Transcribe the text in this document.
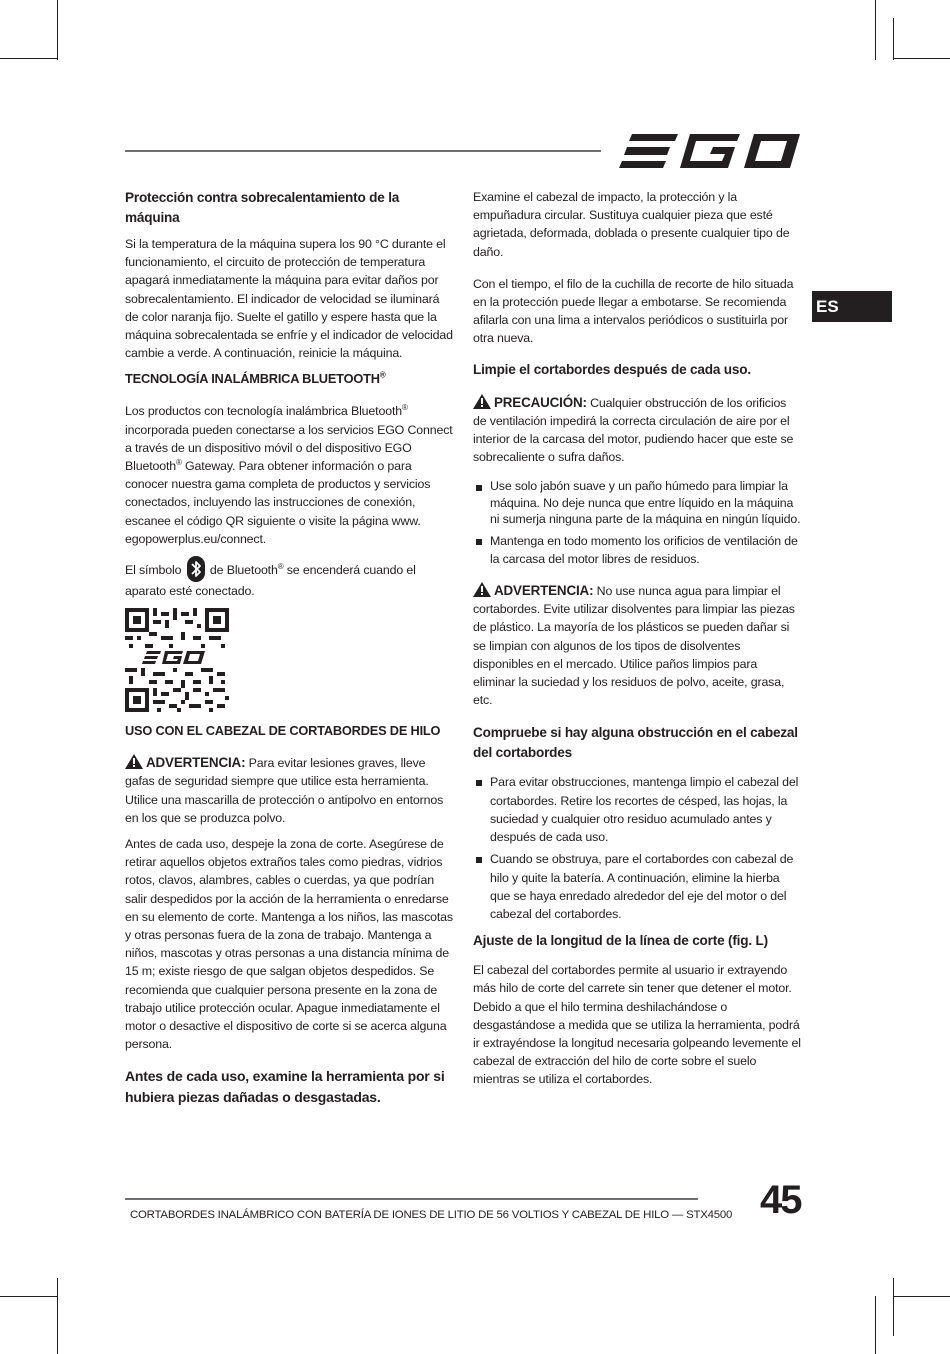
ES
Protección contra sobrecalentamiento de la máquina

Si la temperatura de la máquina supera los 90 °C durante el funcionamiento, el circuito de protección de temperatura apagará inmediatamente la máquina para evitar daños por sobrecalentamiento. El indicador de velocidad se iluminará de color naranja fijo. Suelte el gatillo y espere hasta que la máquina sobrecalentada se enfríe y el indicador de velocidad cambie a verde. A continuación, reinicie la máquina.

TECNOLOGÍA INALÁMBRICA BLUETOOTH®

Los productos con tecnología inalámbrica Bluetooth® incorporada pueden conectarse a los servicios EGO Connect a través de un dispositivo móvil o del dispositivo EGO Bluetooth® Gateway. Para obtener información o para conocer nuestra gama completa de productos y servicios conectados, incluyendo las instrucciones de conexión, escanee el código QR siguiente o visite la página www. egopowerplus.eu/connect.

El símbolo  de Bluetooth® se encenderá cuando el aparato esté conectado.

EGO
USO CON EL CABEZAL DE CORTABORDES DE HILO

ADVERTENCIA: Para evitar lesiones graves, lleve gafas de seguridad siempre que utilice esta herramienta. Utilice una mascarilla de protección o antipolvo en entornos en los que se produzca polvo.

Antes de cada uso, despeje la zona de corte. Asegúrese de retirar aquellos objetos extraños tales como piedras, vidrios rotos, clavos, alambres, cables o cuerdas, ya que podrían salir despedidos por la acción de la herramienta o enredarse en su elemento de corte. Mantenga a los niños, las mascotas y otras personas fuera de la zona de trabajo. Mantenga a niños, mascotas y otras personas a una distancia mínima de 15 m; existe riesgo de que salgan objetos despedidos. Se recomienda que cualquier persona presente en la zona de trabajo utilice protección ocular. Apague inmediatamente el motor o desactive el dispositivo de corte si se acerca alguna persona.

Antes de cada uso, examine la herramienta por si hubiera piezas dañadas o desgastadas.

Examine el cabezal de impacto, la protección y la empuñadura circular. Sustituya cualquier pieza que esté agrietada, deformada, doblada o presente cualquier tipo de daño.

Con el tiempo, el filo de la cuchilla de recorte de hilo situada en la protección puede llegar a embotarse. Se recomienda afilarla con una lima a intervalos periódicos o sustituirla por otra nueva.

Limpie el cortabordes después de cada uso.

PRECAUCIÓN: Cualquier obstrucción de los orificios de ventilación impedirá la correcta circulación de aire por el interior de la carcasa del motor, pudiendo hacer que este se sobrecaliente o sufra daños.

Use solo jabón suave y un paño húmedo para limpiar la máquina. No deje nunca que entre líquido en la máquina ni sumerja ninguna parte de la máquina en ningún líquido.
Mantenga en todo momento los orificios de ventilación de la carcasa del motor libres de residuos.

ADVERTENCIA: No use nunca agua para limpiar el cortabordes. Evite utilizar disolventes para limpiar las piezas de plástico. La mayoría de los plásticos se pueden dañar si se limpian con algunos de los tipos de disolventes disponibles en el mercado. Utilice paños limpios para eliminar la suciedad y los residuos de polvo, aceite, grasa, etc.

Compruebe si hay alguna obstrucción en el cabezal del cortabordes
Para evitar obstrucciones, mantenga limpio el cabezal del cortabordes. Retire los recortes de césped, las hojas, la suciedad y cualquier otro residuo acumulado antes y después de cada uso.
Cuando se obstruya, pare el cortabordes con cabezal de hilo y quite la batería. A continuación, elimine la hierba que se haya enredado alrededor del eje del motor o del cabezal del cortabordes.
Ajuste de la longitud de la línea de corte (fig. L)

El cabezal del cortabordes permite al usuario ir extrayendo más hilo de corte del carrete sin tener que detener el motor. Debido a que el hilo termina deshilachándose o desgastándose a medida que se utiliza la herramienta, podrá ir extrayéndose la longitud necesaria golpeando levemente el cabezal de extracción del hilo de corte sobre el suelo mientras se utiliza el cortabordes.

CORTABORDES INALÁMBRICO CON BATERÍA DE IONES DE LITIO DE 56 VOLTIOS Y CABEZAL DE HILO — STX4500 45
